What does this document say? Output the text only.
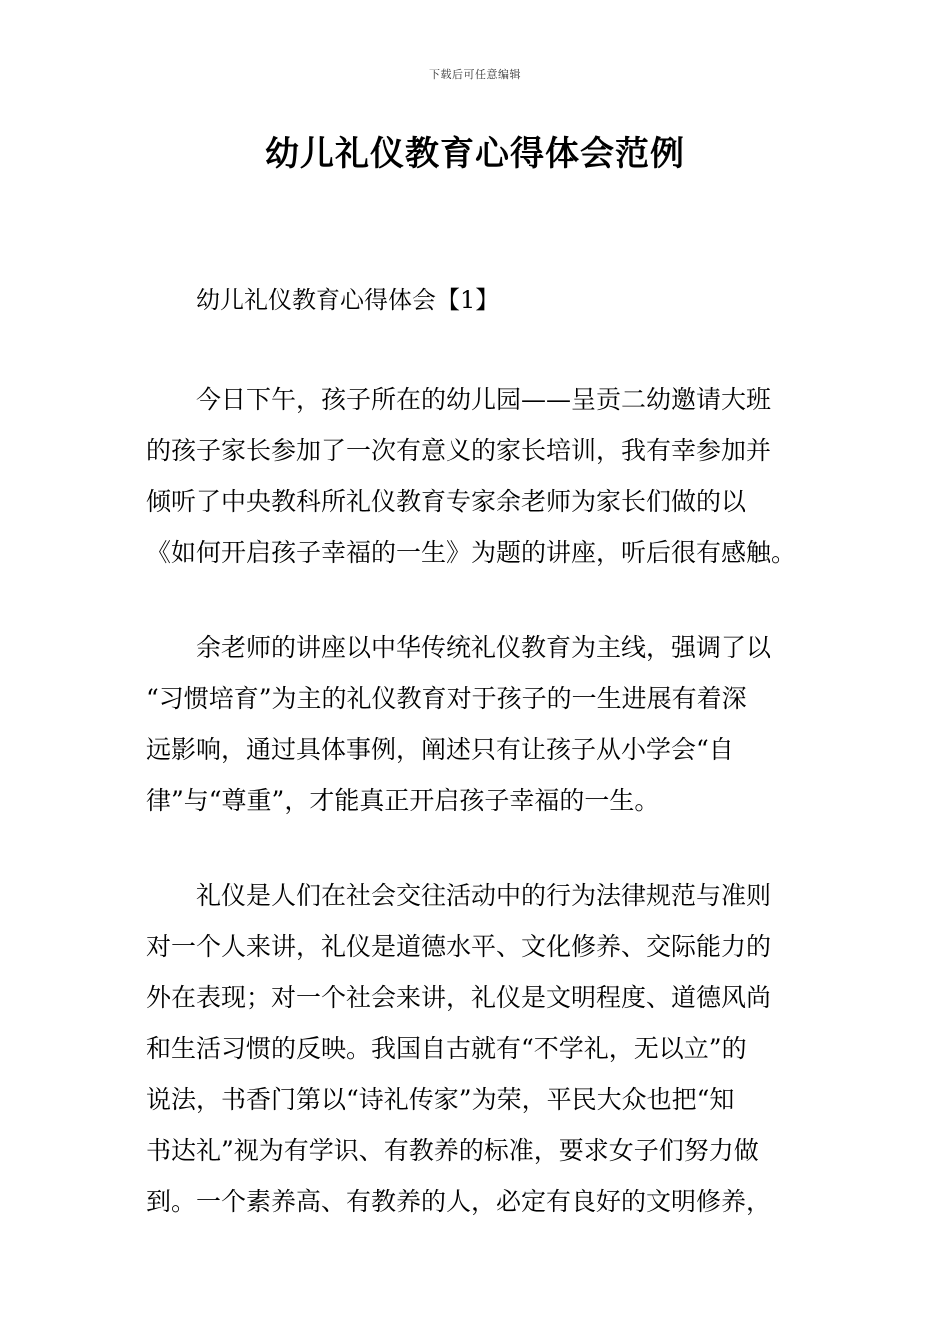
下载后可任意编辑
幼儿礼仪教育心得体会范例
幼儿礼仪教育心得体会【1】
今日下午，孩子所在的幼儿园——呈贡二幼邀请大班
的孩子家长参加了一次有意义的家长培训，我有幸参加并
倾听了中央教科所礼仪教育专家余老师为家长们做的以
《如何开启孩子幸福的一生》为题的讲座，听后很有感触。
余老师的讲座以中华传统礼仪教育为主线，强调了以
“习惯培育”为主的礼仪教育对于孩子的一生进展有着深
远影响，通过具体事例，阐述只有让孩子从小学会“自
律”与“尊重”，才能真正开启孩子幸福的一生。
礼仪是人们在社会交往活动中的行为法律规范与准则
对一个人来讲，礼仪是道德水平、文化修养、交际能力的
外在表现；对一个社会来讲，礼仪是文明程度、道德风尚
和生活习惯的反映。我国自古就有“不学礼，无以立”的
说法，书香门第以“诗礼传家”为荣，平民大众也把“知
书达礼”视为有学识、有教养的标准，要求女子们努力做
到。一个素养高、有教养的人，必定有良好的文明修养，
